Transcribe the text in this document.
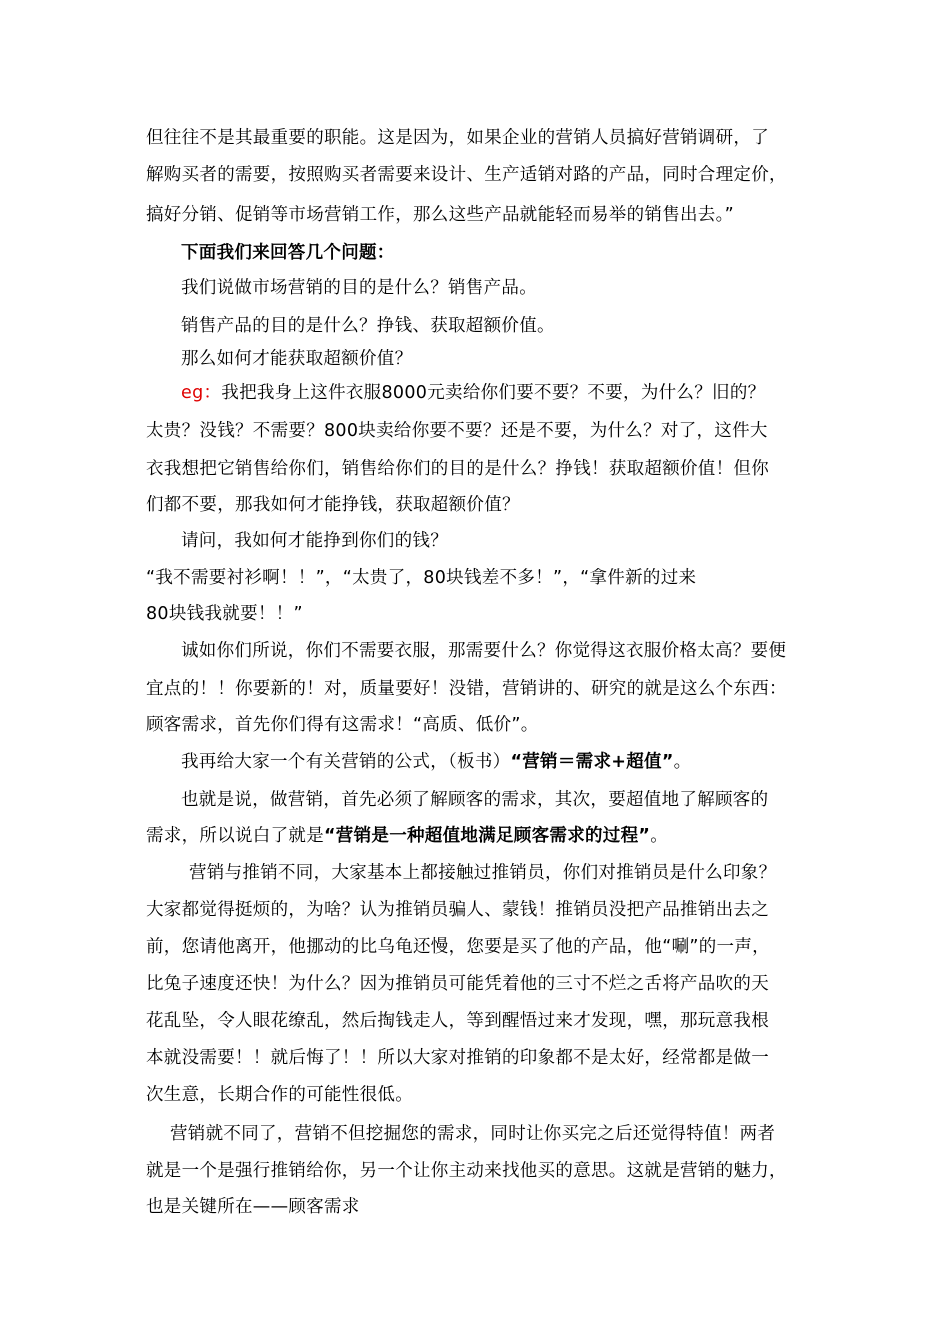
但往往不是其最重要的职能。这是因为，如果企业的营销人员搞好营销调研，了
解购买者的需要，按照购买者需要来设计、生产适销对路的产品，同时合理定价，
搞好分销、促销等市场营销工作，那么这些产品就能轻而易举的销售出去。”
下面我们来回答几个问题：
我们说做市场营销的目的是什么？销售产品。
销售产品的目的是什么？挣钱、获取超额价值。
那么如何才能获取超额价值？
eg：我把我身上这件衣服8000元卖给你们要不要？不要，为什么？旧的？
太贵？没钱？不需要？800块卖给你要不要？还是不要，为什么？对了，这件大
衣我想把它销售给你们，销售给你们的目的是什么？挣钱！获取超额价值！但你
们都不要，那我如何才能挣钱，获取超额价值？
请问，我如何才能挣到你们的钱？
“我不需要衬衫啊！！”，“太贵了，80块钱差不多！”，“拿件新的过来
80块钱我就要！！”
诚如你们所说，你们不需要衣服，那需要什么？你觉得这衣服价格太高？要便
宜点的！！你要新的！对，质量要好！没错，营销讲的、研究的就是这么个东西：
顾客需求，首先你们得有这需求！“高质、低价”。
我再给大家一个有关营销的公式，（板书）“营销＝需求+超值”。
也就是说，做营销，首先必须了解顾客的需求，其次，要超值地了解顾客的
需求，所以说白了就是“营销是一种超值地满足顾客需求的过程”。
营销与推销不同，大家基本上都接触过推销员，你们对推销员是什么印象？
大家都觉得挺烦的，为啥？认为推销员骗人、蒙钱！推销员没把产品推销出去之
前，您请他离开，他挪动的比乌龟还慢，您要是买了他的产品，他“唰”的一声，
比兔子速度还快！为什么？因为推销员可能凭着他的三寸不烂之舌将产品吹的天
花乱坠，令人眼花缭乱，然后掏钱走人，等到醒悟过来才发现，嘿，那玩意我根
本就没需要！！就后悔了！！所以大家对推销的印象都不是太好，经常都是做一
次生意，长期合作的可能性很低。
营销就不同了，营销不但挖掘您的需求，同时让你买完之后还觉得特值！两者
就是一个是强行推销给你，另一个让你主动来找他买的意思。这就是营销的魅力，
也是关键所在——顾客需求
